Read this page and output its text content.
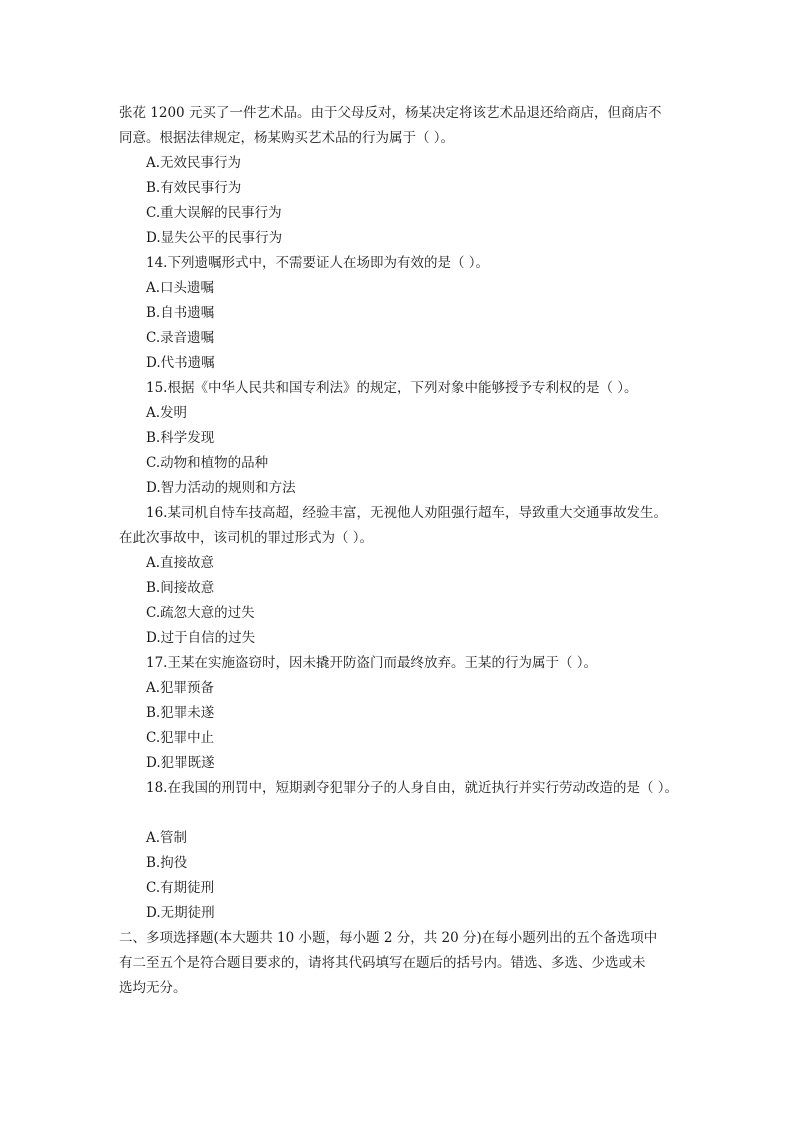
张花 1200 元买了一件艺术品。由于父母反对，杨某决定将该艺术品退还给商店，但商店不
同意。根据法律规定，杨某购买艺术品的行为属于（ ）。
A.无效民事行为
B.有效民事行为
C.重大误解的民事行为
D.显失公平的民事行为
14.下列遗嘱形式中，不需要证人在场即为有效的是（ ）。
A.口头遗嘱
B.自书遗嘱
C.录音遗嘱
D.代书遗嘱
15.根据《中华人民共和国专利法》的规定，下列对象中能够授予专利权的是（ ）。
A.发明
B.科学发现
C.动物和植物的品种
D.智力活动的规则和方法
16.某司机自恃车技高超，经验丰富，无视他人劝阻强行超车，导致重大交通事故发生。
在此次事故中，该司机的罪过形式为（ ）。
A.直接故意
B.间接故意
C.疏忽大意的过失
D.过于自信的过失
17.王某在实施盗窃时，因未撬开防盗门而最终放弃。王某的行为属于（ ）。
A.犯罪预备
B.犯罪未遂
C.犯罪中止
D.犯罪既遂
18.在我国的刑罚中，短期剥夺犯罪分子的人身自由，就近执行并实行劳动改造的是（ ）。
A.管制
B.拘役
C.有期徒刑
D.无期徒刑
二、多项选择题(本大题共 10 小题，每小题 2 分，共 20 分)在每小题列出的五个备选项中
有二至五个是符合题目要求的，请将其代码填写在题后的括号内。错选、多选、少选或未
选均无分。
